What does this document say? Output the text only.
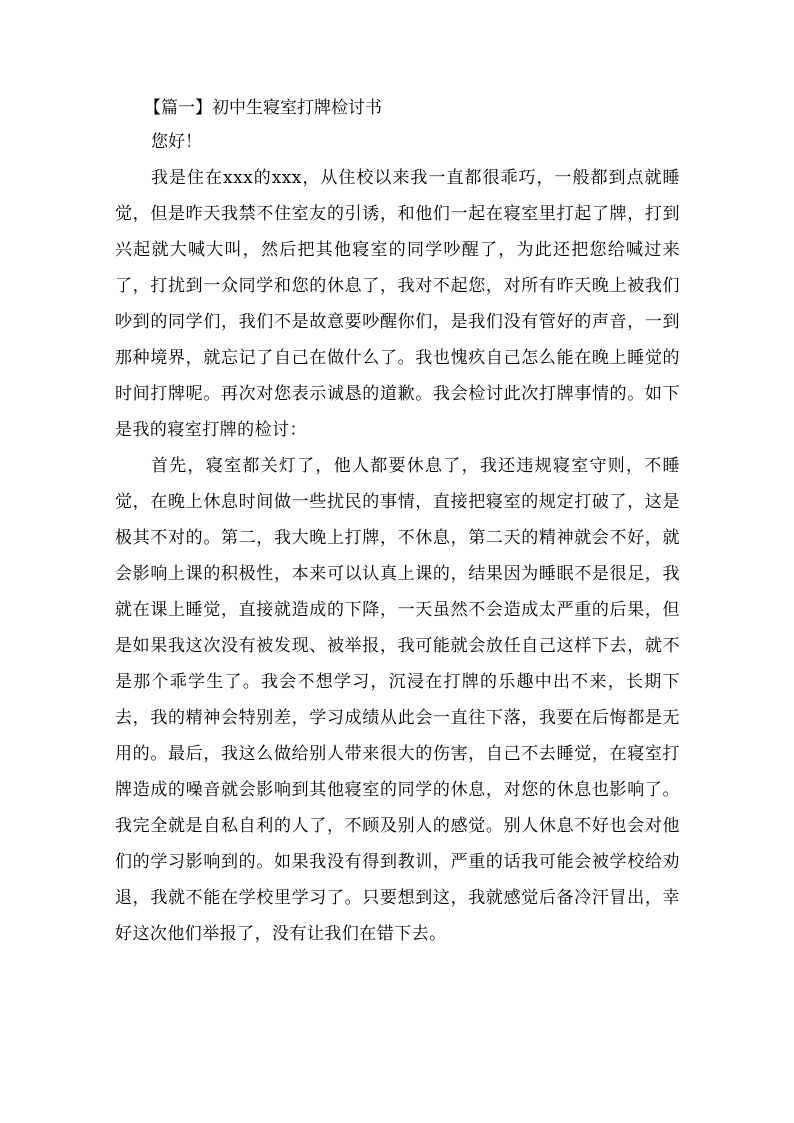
【篇一】初中生寝室打牌检讨书

您好！

我是住在xxx的xxx，从住校以来我一直都很乖巧，一般都到点就睡觉，但是昨天我禁不住室友的引诱，和他们一起在寝室里打起了牌，打到兴起就大喊大叫，然后把其他寝室的同学吵醒了，为此还把您给喊过来了，打扰到一众同学和您的休息了，我对不起您，对所有昨天晚上被我们吵到的同学们，我们不是故意要吵醒你们，是我们没有管好的声音，一到那种境界，就忘记了自己在做什么了。我也愧疚自己怎么能在晚上睡觉的时间打牌呢。再次对您表示诚恳的道歉。我会检讨此次打牌事情的。如下是我的寝室打牌的检讨：

首先，寝室都关灯了，他人都要休息了，我还违规寝室守则，不睡觉，在晚上休息时间做一些扰民的事情，直接把寝室的规定打破了，这是极其不对的。第二，我大晚上打牌，不休息，第二天的精神就会不好，就会影响上课的积极性，本来可以认真上课的，结果因为睡眠不是很足，我就在课上睡觉，直接就造成的下降，一天虽然不会造成太严重的后果，但是如果我这次没有被发现、被举报，我可能就会放任自己这样下去，就不是那个乖学生了。我会不想学习，沉浸在打牌的乐趣中出不来，长期下去，我的精神会特别差，学习成绩从此会一直往下落，我要在后悔都是无用的。最后，我这么做给别人带来很大的伤害，自己不去睡觉，在寝室打牌造成的噪音就会影响到其他寝室的同学的休息，对您的休息也影响了。我完全就是自私自利的人了，不顾及别人的感觉。别人休息不好也会对他们的学习影响到的。如果我没有得到教训，严重的话我可能会被学校给劝退，我就不能在学校里学习了。只要想到这，我就感觉后备冷汗冒出，幸好这次他们举报了，没有让我们在错下去。
